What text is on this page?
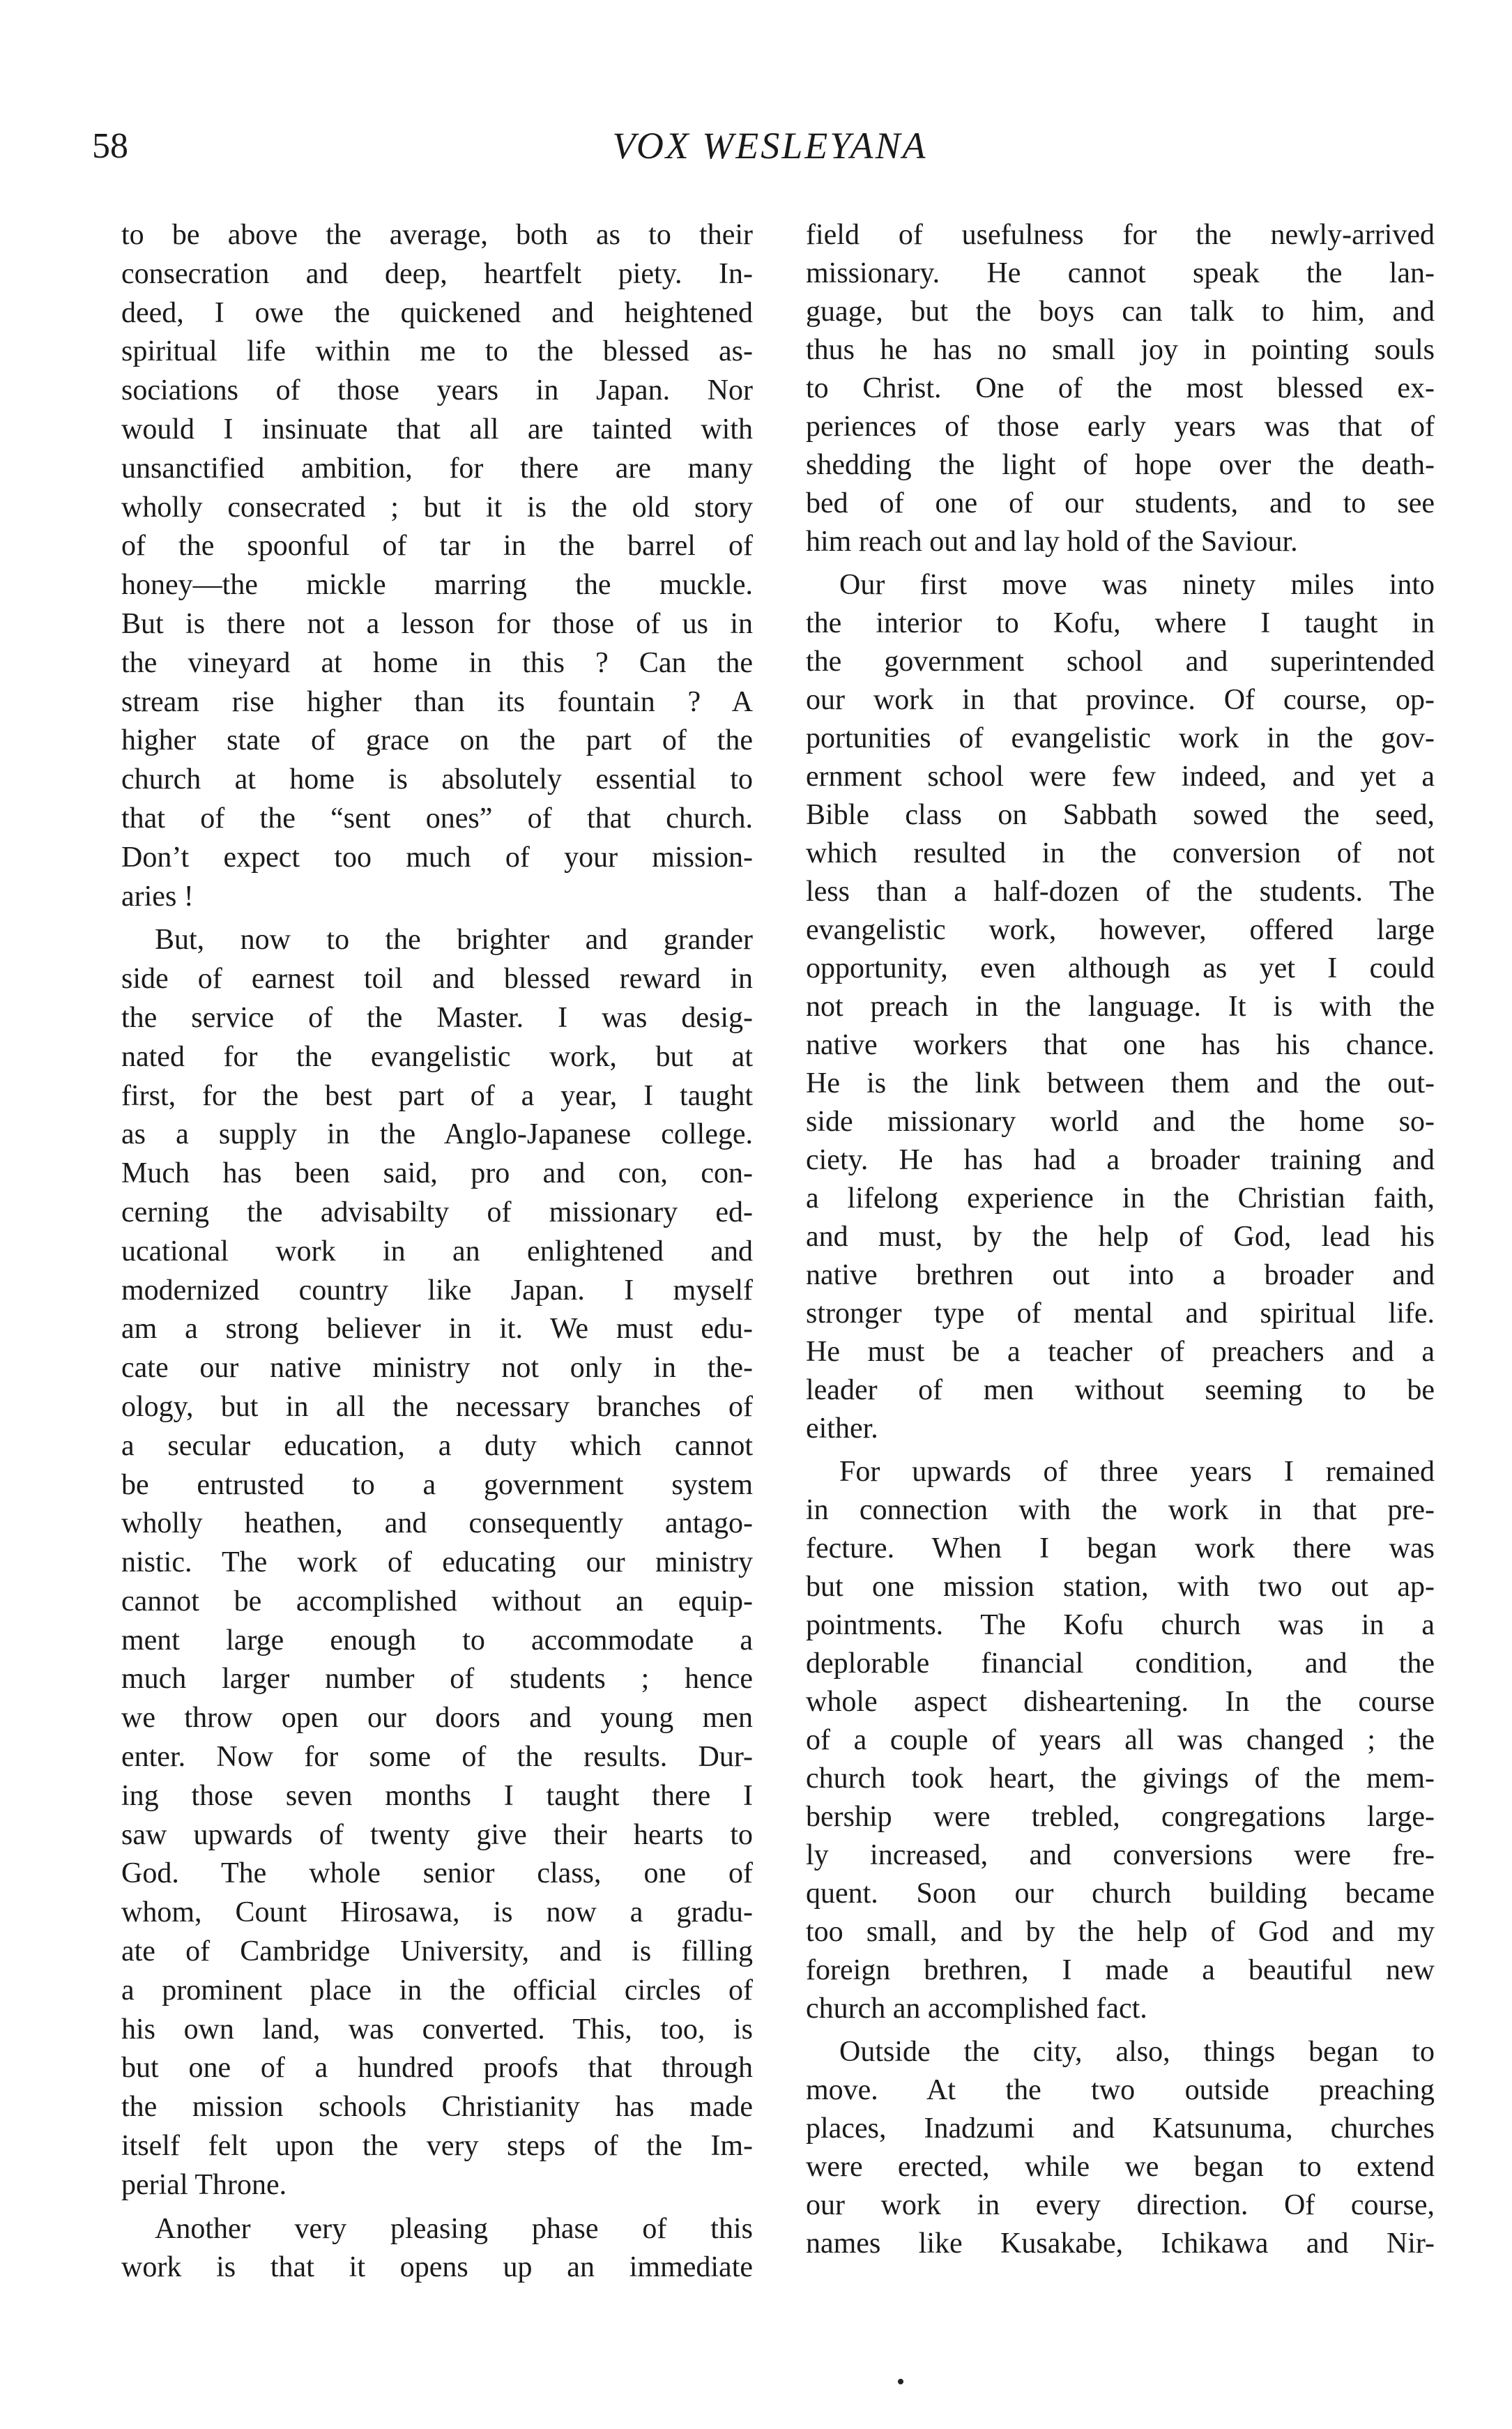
58	VOX WESLEYANA
to be above the average, both as to their
consecration and deep, heartfelt piety. In-
deed, I owe the quickened and heightened
spiritual life within me to the blessed as-
sociations of those years in Japan. Nor
would I insinuate that all are tainted with
unsanctified ambition, for there are many
wholly consecrated ; but it is the old story
of the spoonful of tar in the barrel of
honey—the mickle marring the muckle.
But is there not a lesson for those of us in
the vineyard at home in this ? Can the
stream rise higher than its fountain ? A
higher state of grace on the part of the
church at home is absolutely essential to
that of the “sent ones” of that church.
Don’t expect too much of your mission-
aries !
But, now to the brighter and grander
side of earnest toil and blessed reward in
the service of the Master. I was desig-
nated for the evangelistic work, but at
first, for the best part of a year, I taught
as a supply in the Anglo-Japanese college.
Much has been said, pro and con, con-
cerning the advisabilty of missionary ed-
ucational work in an enlightened and
modernized country like Japan. I myself
am a strong believer in it. We must edu-
cate our native ministry not only in the-
ology, but in all the necessary branches of
a secular education, a duty which cannot
be entrusted to a government system
wholly heathen, and consequently antago-
nistic. The work of educating our ministry
cannot be accomplished without an equip-
ment large enough to accommodate a
much larger number of students ; hence
we throw open our doors and young men
enter. Now for some of the results. Dur-
ing those seven months I taught there I
saw upwards of twenty give their hearts to
God. The whole senior class, one of
whom, Count Hirosawa, is now a gradu-
ate of Cambridge University, and is filling
a prominent place in the official circles of
his own land, was converted. This, too, is
but one of a hundred proofs that through
the mission schools Christianity has made
itself felt upon the very steps of the Im-
perial Throne.
Another very pleasing phase of this
work is that it opens up an immediate
field of usefulness for the newly-arrived
missionary. He cannot speak the lan-
guage, but the boys can talk to him, and
thus he has no small joy in pointing souls
to Christ. One of the most blessed ex-
periences of those early years was that of
shedding the light of hope over the death-
bed of one of our students, and to see
him reach out and lay hold of the Saviour.
Our first move was ninety miles into
the interior to Kofu, where I taught in
the government school and superintended
our work in that province. Of course, op-
portunities of evangelistic work in the gov-
ernment school were few indeed, and yet a
Bible class on Sabbath sowed the seed,
which resulted in the conversion of not
less than a half-dozen of the students. The
evangelistic work, however, offered large
opportunity, even although as yet I could
not preach in the language. It is with the
native workers that one has his chance.
He is the link between them and the out-
side missionary world and the home so-
ciety. He has had a broader training and
a lifelong experience in the Christian faith,
and must, by the help of God, lead his
native brethren out into a broader and
stronger type of mental and spiritual life.
He must be a teacher of preachers and a
leader of men without seeming to be
either.
For upwards of three years I remained
in connection with the work in that pre-
fecture. When I began work there was
but one mission station, with two out ap-
pointments. The Kofu church was in a
deplorable financial condition, and the
whole aspect disheartening. In the course
of a couple of years all was changed ; the
church took heart, the givings of the mem-
bership were trebled, congregations large-
ly increased, and conversions were fre-
quent. Soon our church building became
too small, and by the help of God and my
foreign brethren, I made a beautiful new
church an accomplished fact.
Outside the city, also, things began to
move. At the two outside preaching
places, Inadzumi and Katsunuma, churches
were erected, while we began to extend
our work in every direction. Of course,
names like Kusakabe, Ichikawa and Nir-
